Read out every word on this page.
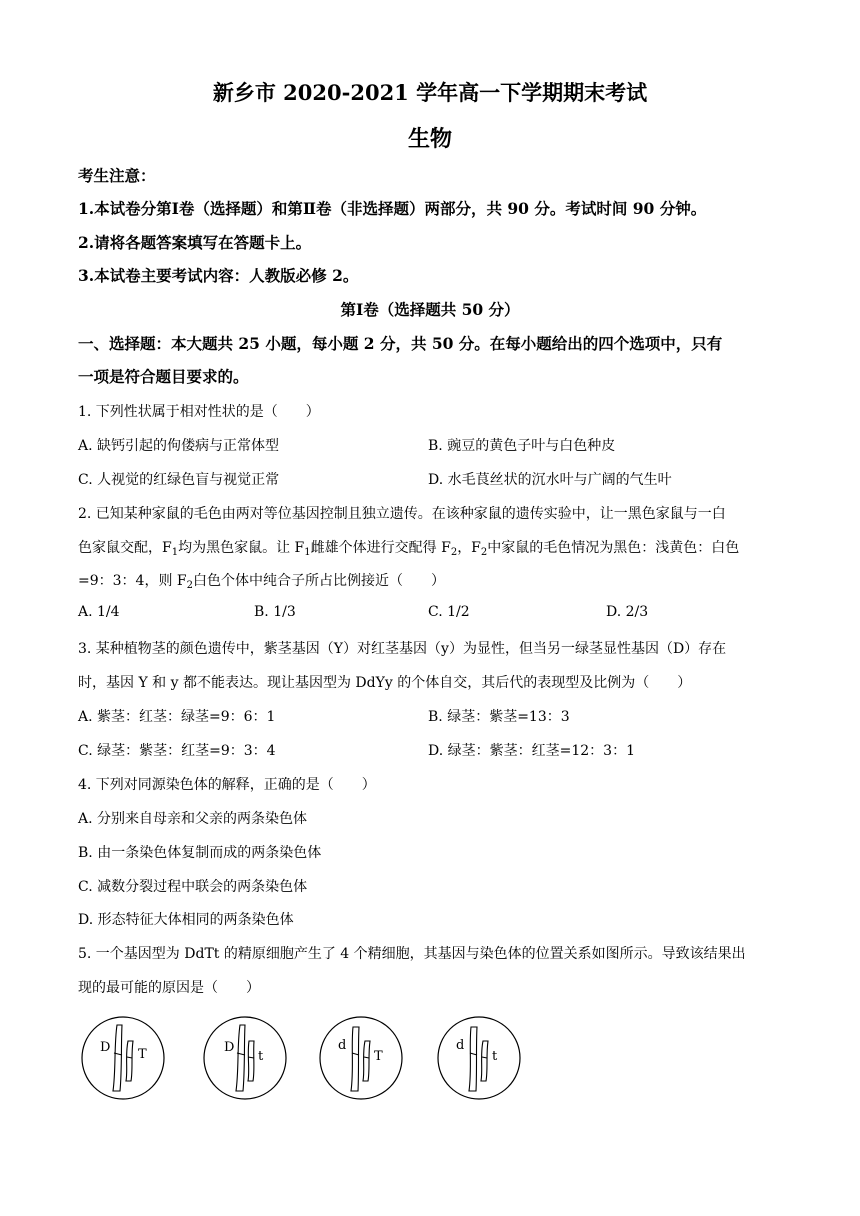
新乡市 2020-2021 学年高一下学期期末考试
生物
考生注意：
1.本试卷分第Ⅰ卷（选择题）和第Ⅱ卷（非选择题）两部分，共 90 分。考试时间 90 分钟。
2.请将各题答案填写在答题卡上。
3.本试卷主要考试内容：人教版必修 2。
第Ⅰ卷（选择题共 50 分）
一、选择题：本大题共 25 小题，每小题 2 分，共 50 分。在每小题给出的四个选项中，只有
一项是符合题目要求的。
1. 下列性状属于相对性状的是（　　）
A. 缺钙引起的佝偻病与正常体型	B. 豌豆的黄色子叶与白色种皮
C. 人视觉的红绿色盲与视觉正常	D. 水毛茛丝状的沉水叶与广阔的气生叶
2. 已知某种家鼠的毛色由两对等位基因控制且独立遗传。在该种家鼠的遗传实验中，让一黑色家鼠与一白
色家鼠交配，$F_1$均为黑色家鼠。让 $F_1$雌雄个体进行交配得 $F_2$，$F_2$中家鼠的毛色情况为黑色：浅黄色：白色
=9：3：4，则 $F_2$白色个体中纯合子所占比例接近（　　）
A. 1/4	B. 1/3	C. 1/2	D. 2/3
3. 某种植物茎的颜色遗传中，紫茎基因（Y）对红茎基因（y）为显性，但当另一绿茎显性基因（D）存在
时，基因 Y 和 y 都不能表达。现让基因型为 DdYy 的个体自交，其后代的表现型及比例为（　　）
A. 紫茎：红茎：绿茎=9：6：1	B. 绿茎：紫茎=13：3
C. 绿茎：紫茎：红茎=9：3：4	D. 绿茎：紫茎：红茎=12：3：1
4. 下列对同源染色体的解释，正确的是（　　）
A. 分别来自母亲和父亲的两条染色体
B. 由一条染色体复制而成的两条染色体
C. 减数分裂过程中联会的两条染色体
D. 形态特征大体相同的两条染色体
5. 一个基因型为 DdTt 的精原细胞产生了 4 个精细胞，其基因与染色体的位置关系如图所示。导致该结果出
现的最可能的原因是（　　）
D T	D
t
d
T
d
t
